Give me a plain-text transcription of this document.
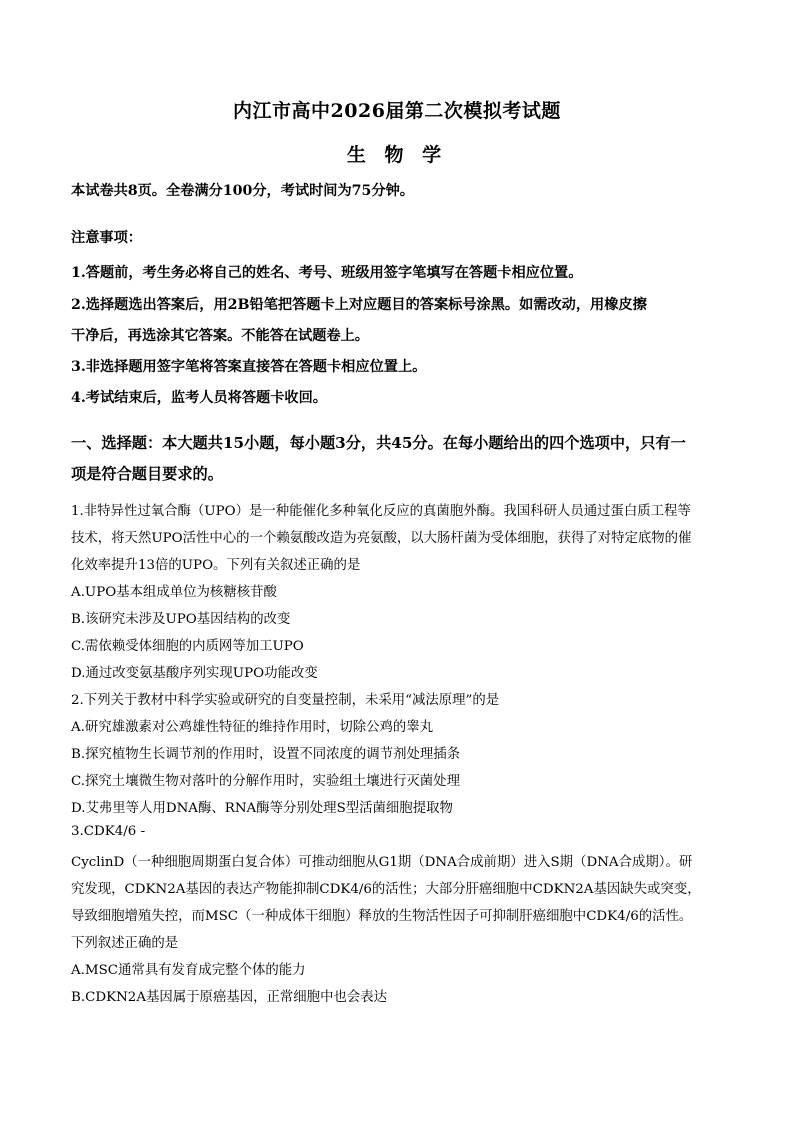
内江市高中2026届第二次模拟考试题
生 物 学
本试卷共8页。全卷满分100分，考试时间为75分钟。
注意事项：
1.答题前，考生务必将自己的姓名、考号、班级用签字笔填写在答题卡相应位置。
2.选择题选出答案后，用2B铅笔把答题卡上对应题目的答案标号涂黑。如需改动，用橡皮擦
干净后，再选涂其它答案。不能答在试题卷上。
3.非选择题用签字笔将答案直接答在答题卡相应位置上。
4.考试结束后，监考人员将答题卡收回。
一、选择题：本大题共15小题，每小题3分，共45分。在每小题给出的四个选项中，只有一
项是符合题目要求的。
1.非特异性过氧合酶（UPO）是一种能催化多种氧化反应的真菌胞外酶。我国科研人员通过蛋白质工程等
技术，将天然UPO活性中心的一个赖氨酸改造为亮氨酸，以大肠杆菌为受体细胞，获得了对特定底物的催
化效率提升13倍的UPO。下列有关叙述正确的是
A.UPO基本组成单位为核糖核苷酸
B.该研究未涉及UPO基因结构的改变
C.需依赖受体细胞的内质网等加工UPO
D.通过改变氨基酸序列实现UPO功能改变
2.下列关于教材中科学实验或研究的自变量控制，未采用“减法原理”的是
A.研究雄激素对公鸡雄性特征的维持作用时，切除公鸡的睾丸
B.探究植物生长调节剂的作用时，设置不同浓度的调节剂处理插条
C.探究土壤微生物对落叶的分解作用时，实验组土壤进行灭菌处理
D.艾弗里等人用DNA酶、RNA酶等分别处理S型活菌细胞提取物
3.CDK4/6 -
CyclinD（一种细胞周期蛋白复合体）可推动细胞从G1期（DNA合成前期）进入S期（DNA合成期）。研
究发现，CDKN2A基因的表达产物能抑制CDK4/6的活性；大部分肝癌细胞中CDKN2A基因缺失或突变，
导致细胞增殖失控，而MSC（一种成体干细胞）释放的生物活性因子可抑制肝癌细胞中CDK4/6的活性。
下列叙述正确的是
A.MSC通常具有发育成完整个体的能力
B.CDKN2A基因属于原癌基因，正常细胞中也会表达
